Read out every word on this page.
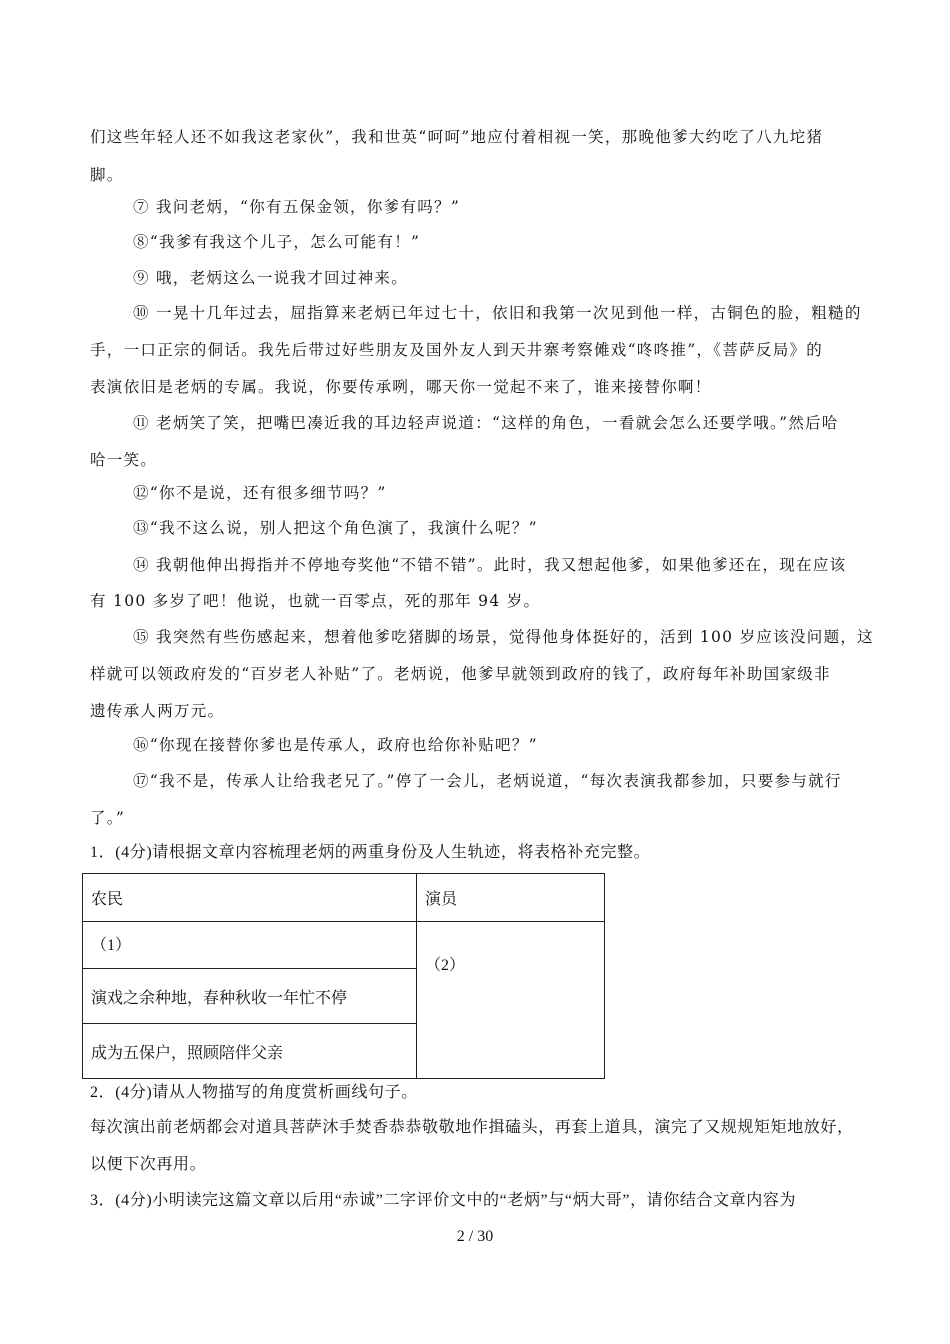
们这些年轻人还不如我这老家伙”，我和世英“呵呵”地应付着相视一笑，那晚他爹大约吃了八九坨猪
脚。
⑦ 我问老炳，“你有五保金领，你爹有吗？”
⑧“我爹有我这个儿子，怎么可能有！”
⑨ 哦，老炳这么一说我才回过神来。
⑩ 一晃十几年过去，屈指算来老炳已年过七十，依旧和我第一次见到他一样，古铜色的脸，粗糙的
手，一口正宗的侗话。我先后带过好些朋友及国外友人到天井寨考察傩戏“咚咚推”，《菩萨反局》的
表演依旧是老炳的专属。我说，你要传承咧，哪天你一觉起不来了，谁来接替你啊！
⑪ 老炳笑了笑，把嘴巴凑近我的耳边轻声说道：“这样的角色，一看就会怎么还要学哦。”然后哈
哈一笑。
⑫“你不是说，还有很多细节吗？”
⑬“我不这么说，别人把这个角色演了，我演什么呢？”
⑭ 我朝他伸出拇指并不停地夸奖他“不错不错”。此时，我又想起他爹，如果他爹还在，现在应该
有 100 多岁了吧！他说，也就一百零点，死的那年 94 岁。
⑮ 我突然有些伤感起来，想着他爹吃猪脚的场景，觉得他身体挺好的，活到 100 岁应该没问题，这
样就可以领政府发的“百岁老人补贴”了。老炳说，他爹早就领到政府的钱了，政府每年补助国家级非
遗传承人两万元。
⑯“你现在接替你爹也是传承人，政府也给你补贴吧？”
⑰“我不是，传承人让给我老兄了。”停了一会儿，老炳说道，“每次表演我都参加，只要参与就行
了。”
1．(4分)请根据文章内容梳理老炳的两重身份及人生轨迹，将表格补充完整。
农民	演员
（1）	（2）
演戏之余种地，春种秋收一年忙不停	
成为五保户，照顾陪伴父亲	
2．(4分)请从人物描写的角度赏析画线句子。
每次演出前老炳都会对道具菩萨沐手焚香恭恭敬敬地作揖磕头，再套上道具，演完了又规规矩矩地放好，
以便下次再用。
3．(4分)小明读完这篇文章以后用“赤诚”二字评价文中的“老炳”与“炳大哥”，请你结合文章内容为
2 / 30
